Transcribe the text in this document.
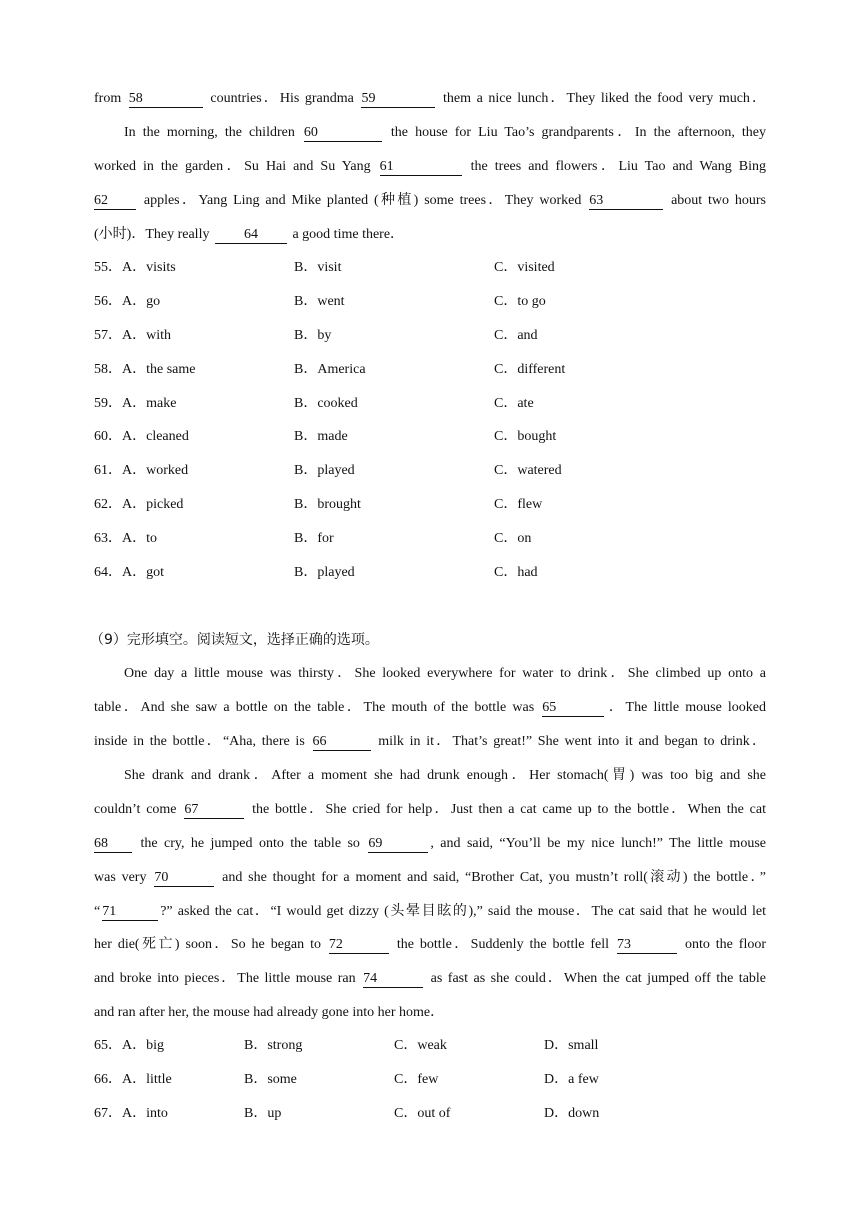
from 58	countries．His grandma 59	them a nice lunch．They liked the food very much．
In the morning, the children 60	the house for Liu Tao’s grandparents．In the afternoon, they
worked in the garden．Su Hai and Su Yang 61	the trees and flowers．Liu Tao and Wang Bing
62	apples．Yang Ling and Mike planted (种植) some trees．They worked 63	about two hours
(小时)．They really 64 a good time there．
55．A．visits	B．visit	C．visited
56．A．go	B．went	C．to go
57．A．with	B．by	C．and
58．A．the same	B．America	C．different
59．A．make	B．cooked	C．ate
60．A．cleaned	B．made	C．bought
61．A．worked	B．played	C．watered
62．A．picked	B．brought	C．flew
63．A．to	B．for	C．on
64．A．got	B．played	C．had
（9）完形填空。阅读短文，选择正确的选项。
One day a little mouse was thirsty．She looked everywhere for water to drink．She climbed up onto a
table．And she saw a bottle on the table．The mouth of the bottle was 65	．The little mouse looked
inside in the bottle．“Aha, there is 66	milk in it．That’s great!” She went into it and began to drink．
She drank and drank．After a moment she had drunk enough．Her stomach(胃) was too big and she
couldn’t come 67	the bottle．She cried for help．Just then a cat came up to the bottle．When the cat
68 the cry, he jumped onto the table so 69	, and said, “You’ll be my nice lunch!” The little mouse
was very 70	and she thought for a moment and said, “Brother Cat, you mustn’t roll(滚动) the bottle．”
“ 71	?” asked the cat．“I would get dizzy (头晕目眩的),” said the mouse．The cat said that he would let
her die(死亡) soon．So he began to 72	the bottle．Suddenly the bottle fell 73	onto the floor
and broke into pieces．The little mouse ran 74	as fast as she could．When the cat jumped off the table
and ran after her, the mouse had already gone into her home．
65．A．big	B．strong	C．weak	D．small
66．A．little	B．some	C．few	D．a few
67．A．into	B．up	C．out of	D．down
